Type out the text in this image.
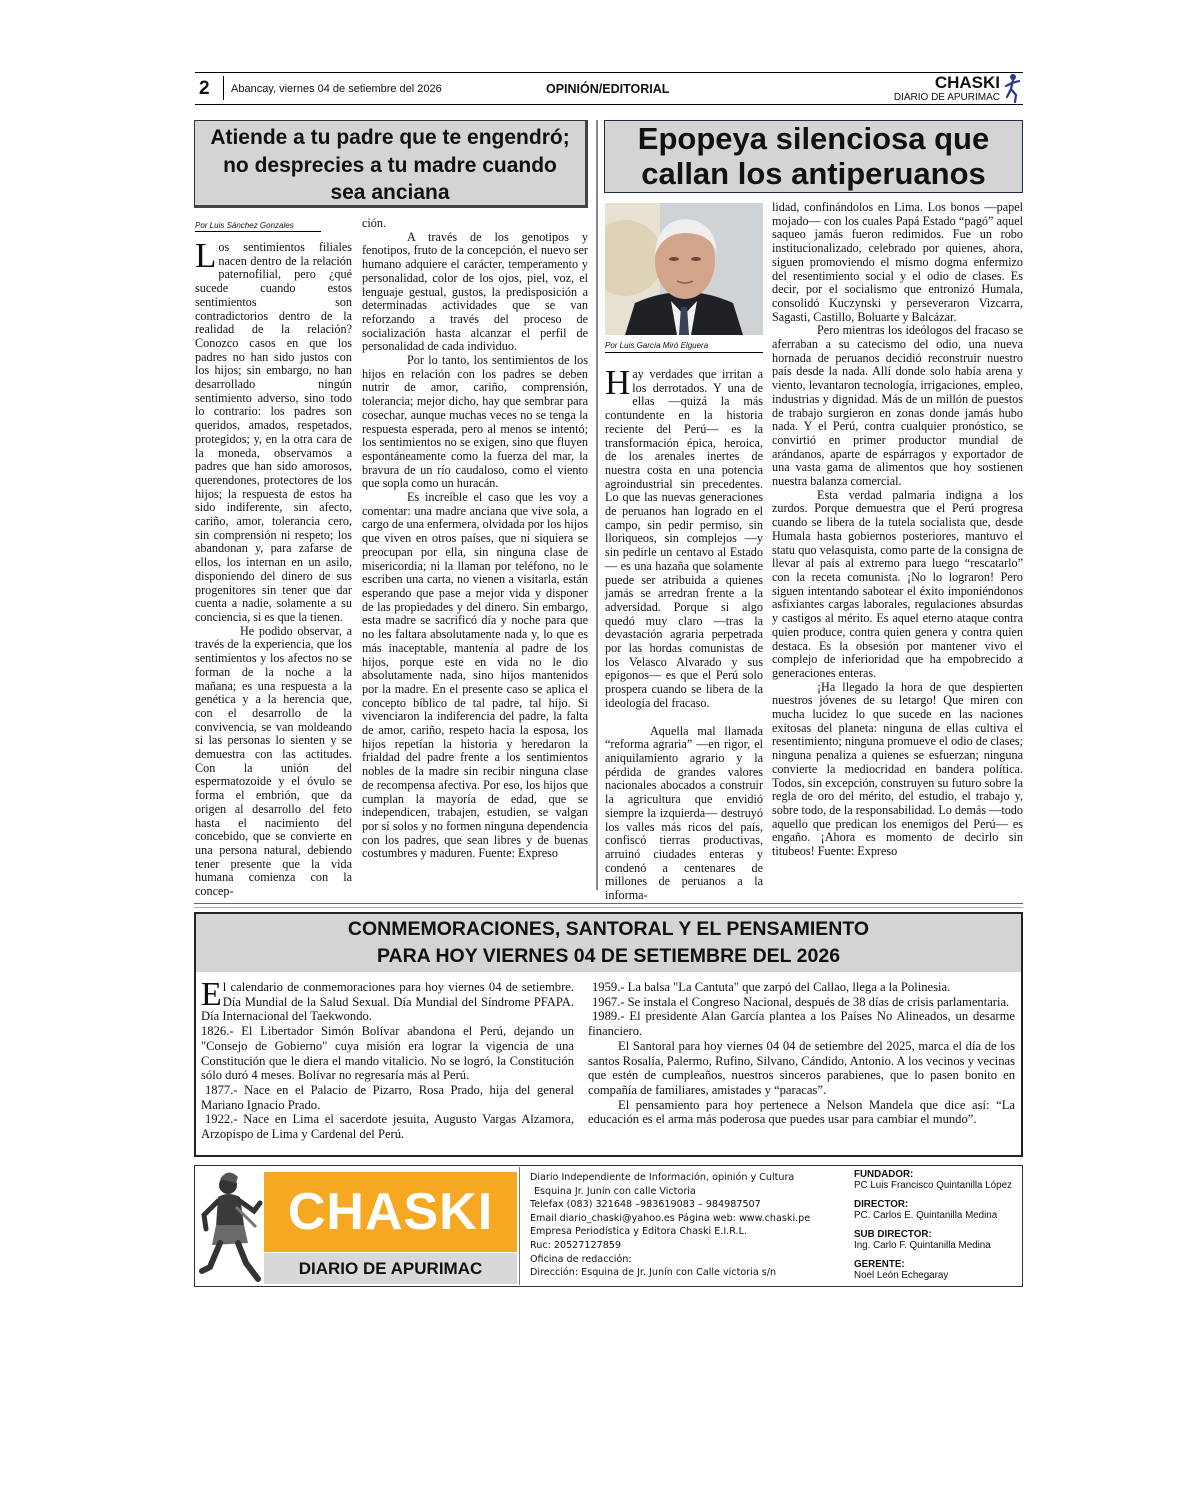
2 Abancay, viernes 04 de setiembre del 2026	OPINIÓN/EDITORIAL	CHASKI
DIARIO DE APURIMAC
Atiende a tu padre que te engendró;
no desprecies a tu madre cuando
sea anciana
Por Luis Sánchez Gonzales

Los sentimientos filiales nacen dentro de la relación paternofilial, pero ¿qué sucede cuando estos sentimientos son contradictorios dentro de la realidad de la relación? Conozco casos en que los padres no han sido justos con los hijos; sin embargo, no han desarrollado ningún sentimiento adverso, sino todo lo contrario: los padres son queridos, amados, respetados, protegidos; y, en la otra cara de la moneda, observamos a padres que han sido amorosos, querendones, protectores de los hijos; la respuesta de estos ha sido indiferente, sin afecto, cariño, amor, tolerancia cero, sin comprensión ni respeto; los abandonan y, para zafarse de ellos, los internan en un asilo, disponiendo del dinero de sus progenitores sin tener que dar cuenta a nadie, solamente a su conciencia, si es que la tienen.

He podido observar, a través de la experiencia, que los sentimientos y los afectos no se forman de la noche a la mañana; es una respuesta a la genética y a la herencia que, con el desarrollo de la convivencia, se van moldeando si las personas lo sienten y se demuestra con las actitudes. Con la unión del espermatozoide y el óvulo se forma el embrión, que da origen al desarrollo del feto hasta el nacimiento del concebido, que se convierte en una persona natural, debiendo tener presente que la vida humana comienza con la concep-

ción.

A través de los genotipos y fenotipos, fruto de la concepción, el nuevo ser humano adquiere el carácter, temperamento y personalidad, color de los ojos, piel, voz, el lenguaje gestual, gustos, la predisposición a determinadas actividades que se van reforzando a través del proceso de socialización hasta alcanzar el perfil de personalidad de cada individuo.

Por lo tanto, los sentimientos de los hijos en relación con los padres se deben nutrir de amor, cariño, comprensión, tolerancia; mejor dicho, hay que sembrar para cosechar, aunque muchas veces no se tenga la respuesta esperada, pero al menos se intentó; los sentimientos no se exigen, sino que fluyen espontáneamente como la fuerza del mar, la bravura de un río caudaloso, como el viento que sopla como un huracán.

Es increíble el caso que les voy a comentar: una madre anciana que vive sola, a cargo de una enfermera, olvidada por los hijos que viven en otros países, que ni siquiera se preocupan por ella, sin ninguna clase de misericordia; ni la llaman por teléfono, no le escriben una carta, no vienen a visitarla, están esperando que pase a mejor vida y disponer de las propiedades y del dinero. Sin embargo, esta madre se sacrificó día y noche para que no les faltara absolutamente nada y, lo que es más inaceptable, mantenía al padre de los hijos, porque este en vida no le dio absolutamente nada, sino hijos mantenidos por la madre. En el presente caso se aplica el concepto bíblico de tal padre, tal hijo. Si vivenciaron la indiferencia del padre, la falta de amor, cariño, respeto hacia la esposa, los hijos repetían la historia y heredaron la frialdad del padre frente a los sentimientos nobles de la madre sin recibir ninguna clase de recompensa afectiva. Por eso, los hijos que cumplan la mayoría de edad, que se independicen, trabajen, estudien, se valgan por sí solos y no formen ninguna dependencia con los padres, que sean libres y de buenas costumbres y maduren. Fuente: Expreso

Epopeya silenciosa que
callan los antiperuanos
Por Luis García Miró Elguera

Hay verdades que irritan a los derrotados. Y una de ellas —quizá la más contundente en la historia reciente del Perú— es la transformación épica, heroica, de los arenales inertes de nuestra costa en una potencia agroindustrial sin precedentes. Lo que las nuevas generaciones de peruanos han logrado en el campo, sin pedir permiso, sin lloriqueos, sin complejos —y sin pedirle un centavo al Estado— es una hazaña que solamente puede ser atribuida a quienes jamás se arredran frente a la adversidad. Porque si algo quedó muy claro —tras la devastación agraria perpetrada por las hordas comunistas de los Velasco Alvarado y sus epígonos— es que el Perú solo prospera cuando se libera de la ideología del fracaso.

Aquella mal llamada “reforma agraria” —en rigor, el aniquilamiento agrario y la pérdida de grandes valores nacionales abocados a construir la agricultura que envidió siempre la izquierda— destruyó los valles más ricos del país, confiscó tierras productivas, arruinó ciudades enteras y condenó a centenares de millones de peruanos a la informa-

lidad, confinándolos en Lima. Los bonos —papel mojado— con los cuales Papá Estado “pagó” aquel saqueo jamás fueron redimidos. Fue un robo institucionalizado, celebrado por quienes, ahora, siguen promoviendo el mismo dogma enfermizo del resentimiento social y el odio de clases. Es decir, por el socialismo que entronizó Humala, consolidó Kuczynski y perseveraron Vizcarra, Sagasti, Castillo, Boluarte y Balcázar.

Pero mientras los ideólogos del fracaso se aferraban a su catecismo del odio, una nueva hornada de peruanos decidió reconstruir nuestro país desde la nada. Allí donde solo había arena y viento, levantaron tecnología, irrigaciones, empleo, industrias y dignidad. Más de un millón de puestos de trabajo surgieron en zonas donde jamás hubo nada. Y el Perú, contra cualquier pronóstico, se convirtió en primer productor mundial de arándanos, aparte de espárragos y exportador de una vasta gama de alimentos que hoy sostienen nuestra balanza comercial.

Esta verdad palmaria indigna a los zurdos. Porque demuestra que el Perú progresa cuando se libera de la tutela socialista que, desde Humala hasta gobiernos posteriores, mantuvo el statu quo velasquista, como parte de la consigna de llevar al país al extremo para luego “rescatarlo” con la receta comunista. ¡No lo lograron! Pero siguen intentando sabotear el éxito imponiéndonos asfixiantes cargas laborales, regulaciones absurdas y castigos al mérito. Es aquel eterno ataque contra quien produce, contra quien genera y contra quien destaca. Es la obsesión por mantener vivo el complejo de inferioridad que ha empobrecido a generaciones enteras.

¡Ha llegado la hora de que despierten nuestros jóvenes de su letargo! Que miren con mucha lucidez lo que sucede en las naciones exitosas del planeta: ninguna de ellas cultiva el resentimiento; ninguna promueve el odio de clases; ninguna penaliza a quienes se esfuerzan; ninguna convierte la mediocridad en bandera política. Todos, sin excepción, construyen su futuro sobre la regla de oro del mérito, del estudio, el trabajo y, sobre todo, de la responsabilidad. Lo demás —todo aquello que predican los enemigos del Perú— es engaño. ¡Ahora es momento de decirlo sin titubeos! Fuente: Expreso

CONMEMORACIONES, SANTORAL Y EL PENSAMIENTO
PARA HOY VIERNES 04 DE SETIEMBRE DEL 2026

El calendario de conmemoraciones para hoy viernes 04 de setiembre. Día Mundial de la Salud Sexual. Día Mundial del Síndrome PFAPA. Día Internacional del Taekwondo.

1826.- El Libertador Simón Bolívar abandona el Perú, dejando un "Consejo de Gobierno" cuya misión era lograr la vigencia de una Constitución que le diera el mando vitalicio. No se logró, la Constitución sólo duró 4 meses. Bolívar no regresaría más al Perú.

1877.- Nace en el Palacio de Pizarro, Rosa Prado, hija del general Mariano Ignacio Prado.

1922.- Nace en Lima el sacerdote jesuita, Augusto Vargas Alzamora, Arzopispo de Lima y Cardenal del Perú.

1959.- La balsa "La Cantuta" que zarpó del Callao, llega a la Polinesia.

1967.- Se instala el Congreso Nacional, después de 38 días de crisis parlamentaria.

1989.- El presidente Alan García plantea a los Países No Alineados, un desarme financiero.

El Santoral para hoy viernes 04 04 de setiembre del 2025, marca el día de los santos Rosalía, Palermo, Rufino, Silvano, Cándido, Antonio. A los vecinos y vecinas que estén de cumpleaños, nuestros sinceros parabienes, que lo pasen bonito en compañía de familiares, amistades y “paracas”.

El pensamiento para hoy pertenece a Nelson Mandela que dice así: “La educación es el arma más poderosa que puedes usar para cambiar el mundo”.

CHASKI
DIARIO DE APURIMAC
Diario Independiente de Información, opinión y Cultura
Esquina Jr. Junín con calle Victoria
Telefax (083) 321648 –983619083 – 984987507
Email diario_chaski@yahoo.es Página web: www.chaski.pe
Empresa Periodística y Editora Chaski E.I.R.L.
Ruc: 20527127859
Oficina de redacción:
Dirección: Esquina de Jr. Junín con Calle victoria s/n
FUNDADOR:
PC Luis Francisco Quintanilla López
DIRECTOR:
PC. Carlos E. Quintanilla Medina
SUB DIRECTOR:
Ing. Carlo F. Quintanilla Medina
GERENTE:
Noel León Echegaray
